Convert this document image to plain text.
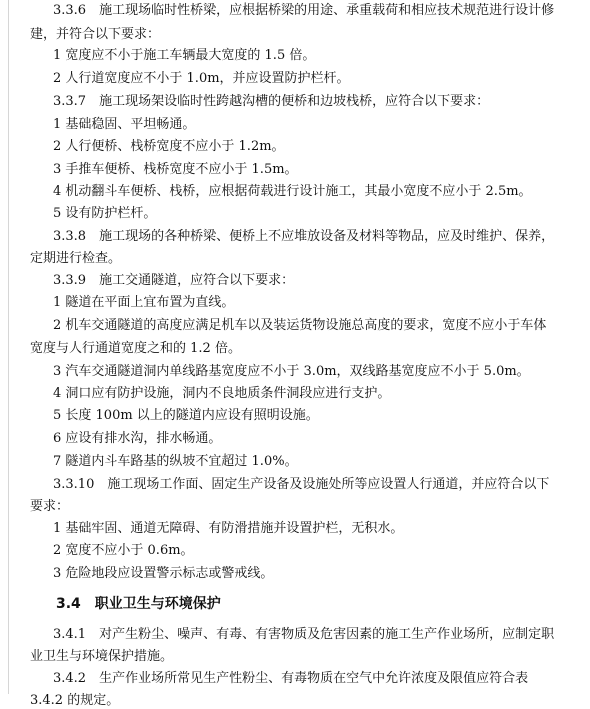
3.3.6　施工现场临时性桥梁，应根据桥梁的用途、承重载荷和相应技术规范进行设计修
建，并符合以下要求：
1 宽度应不小于施工车辆最大宽度的 1.5 倍。
2 人行道宽度应不小于 1.0m，并应设置防护栏杆。
3.3.7　施工现场架设临时性跨越沟槽的便桥和边坡栈桥，应符合以下要求：
1 基础稳固、平坦畅通。
2 人行便桥、栈桥宽度不应小于 1.2m。
3 手推车便桥、栈桥宽度不应小于 1.5m。
4 机动翻斗车便桥、栈桥，应根据荷载进行设计施工，其最小宽度不应小于 2.5m。
5 设有防护栏杆。
3.3.8　施工现场的各种桥梁、便桥上不应堆放设备及材料等物品，应及时维护、保养，
定期进行检查。
3.3.9　施工交通隧道，应符合以下要求：
1 隧道在平面上宜布置为直线。
2 机车交通隧道的高度应满足机车以及装运货物设施总高度的要求，宽度不应小于车体
宽度与人行通道宽度之和的 1.2 倍。
3 汽车交通隧道洞内单线路基宽度应不小于 3.0m，双线路基宽度应不小于 5.0m。
4 洞口应有防护设施，洞内不良地质条件洞段应进行支护。
5 长度 100m 以上的隧道内应设有照明设施。
6 应设有排水沟，排水畅通。
7 隧道内斗车路基的纵坡不宜超过 1.0%。
3.3.10　施工现场工作面、固定生产设备及设施处所等应设置人行通道，并应符合以下
要求：
1 基础牢固、通道无障碍、有防滑措施并设置护栏，无积水。
2 宽度不应小于 0.6m。
3 危险地段应设置警示标志或警戒线。
3.4　职业卫生与环境保护
3.4.1　对产生粉尘、噪声、有毒、有害物质及危害因素的施工生产作业场所，应制定职
业卫生与环境保护措施。
3.4.2　生产作业场所常见生产性粉尘、有毒物质在空气中允许浓度及限值应符合表
3.4.2 的规定。
